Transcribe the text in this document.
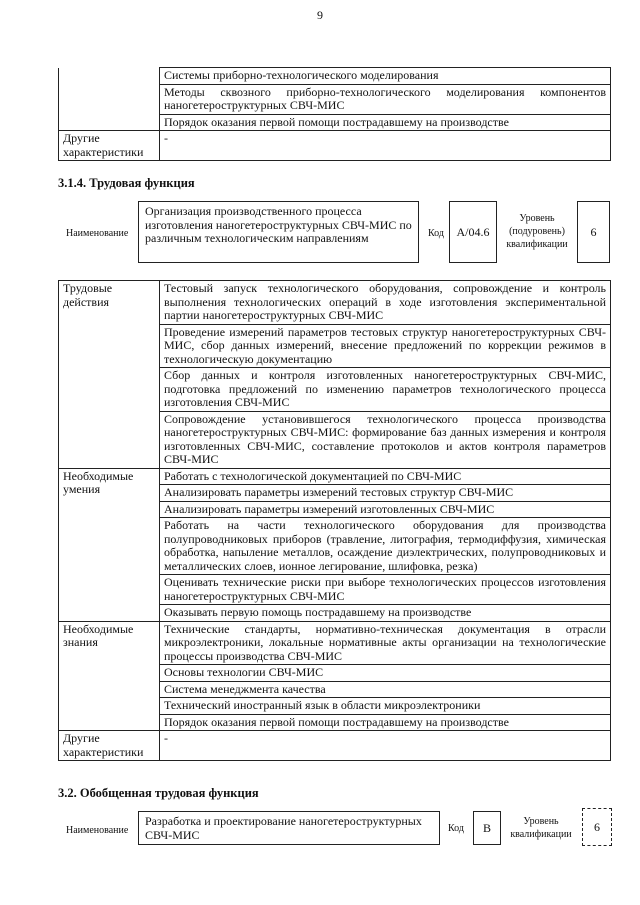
9
	Системы приборно-технологического моделирования
	Методы сквозного приборно-технологического моделирования компонентов наногетероструктурных СВЧ-МИС
	Порядок оказания первой помощи пострадавшему на производстве
Другие характеристики	-
3.1.4. Трудовая функция
Наименование
Организация производственного процесса изготовления наногетероструктурных СВЧ-МИС по различным технологическим направлениям	Код	А/04.6
Уровень (подуровень) квалификации
6
Трудовые действия	Тестовый запуск технологического оборудования, сопровождение и контроль выполнения технологических операций в ходе изготовления экспериментальной партии наногетероструктурных СВЧ-МИС
	Проведение измерений параметров тестовых структур наногетероструктурных СВЧ-МИС, сбор данных измерений, внесение предложений по коррекции режимов в технологическую документацию
	Сбор данных и контроля изготовленных наногетероструктурных СВЧ-МИС, подготовка предложений по изменению параметров технологического процесса изготовления СВЧ-МИС
	Сопровождение установившегося технологического процесса производства наногетероструктурных СВЧ-МИС: формирование баз данных измерения и контроля изготовленных СВЧ-МИС, составление протоколов и актов контроля параметров СВЧ-МИС
Необходимые умения	Работать с технологической документацией по СВЧ-МИС
	Анализировать параметры измерений тестовых структур СВЧ-МИС
	Анализировать параметры измерений изготовленных СВЧ-МИС
	Работать на части технологического оборудования для производства полупроводниковых приборов (травление, литография, термодиффузия, химическая обработка, напыление металлов, осаждение диэлектрических, полупроводниковых и металлических слоев, ионное легирование, шлифовка, резка)
	Оценивать технические риски при выборе технологических процессов изготовления наногетероструктурных СВЧ-МИС
	Оказывать первую помощь пострадавшему на производстве
Необходимые знания	Технические стандарты, нормативно-техническая документация в отрасли микроэлектроники, локальные нормативные акты организации на технологические процессы производства СВЧ-МИС
	Основы технологии СВЧ-МИС
	Система менеджмента качества
	Технический иностранный язык в области микроэлектроники
	Порядок оказания первой помощи пострадавшему на производстве
Другие характеристики	-
3.2. Обобщенная трудовая функция
Наименование
Разработка и проектирование наногетероструктурных СВЧ-МИС	Код	В	Уровень квалификации
6
